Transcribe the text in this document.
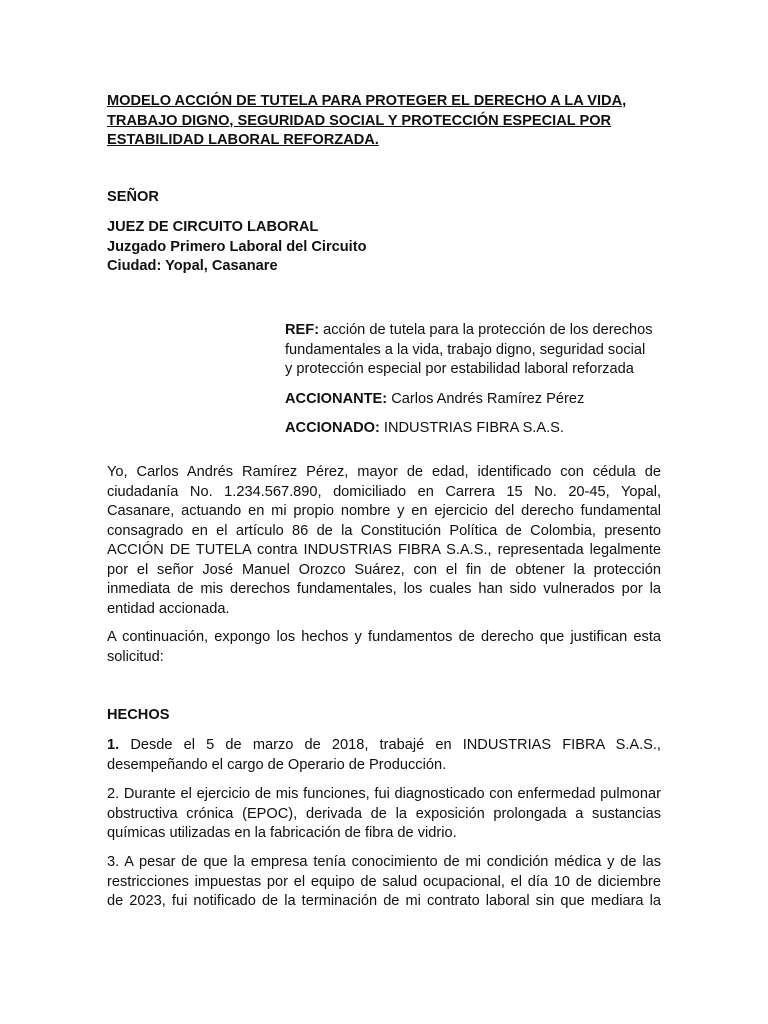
MODELO ACCIÓN DE TUTELA PARA PROTEGER EL DERECHO A LA VIDA,
TRABAJO DIGNO, SEGURIDAD SOCIAL Y PROTECCIÓN ESPECIAL POR
ESTABILIDAD LABORAL REFORZADA.
SEÑOR
JUEZ DE CIRCUITO LABORAL
Juzgado Primero Laboral del Circuito
Ciudad: Yopal, Casanare
REF: acción de tutela para la protección de los derechos
fundamentales a la vida, trabajo digno, seguridad social
y protección especial por estabilidad laboral reforzada
ACCIONANTE: Carlos Andrés Ramírez Pérez
ACCIONADO: INDUSTRIAS FIBRA S.A.S.
Yo, Carlos Andrés Ramírez Pérez, mayor de edad, identificado con cédula de
ciudadanía No. 1.234.567.890, domiciliado en Carrera 15 No. 20-45, Yopal,
Casanare, actuando en mi propio nombre y en ejercicio del derecho fundamental
consagrado en el artículo 86 de la Constitución Política de Colombia, presento
ACCIÓN DE TUTELA contra INDUSTRIAS FIBRA S.A.S., representada legalmente
por el señor José Manuel Orozco Suárez, con el fin de obtener la protección
inmediata de mis derechos fundamentales, los cuales han sido vulnerados por la
entidad accionada.
A continuación, expongo los hechos y fundamentos de derecho que justifican esta
solicitud:
HECHOS
1. Desde el 5 de marzo de 2018, trabajé en INDUSTRIAS FIBRA S.A.S.,
desempeñando el cargo de Operario de Producción.
2. Durante el ejercicio de mis funciones, fui diagnosticado con enfermedad pulmonar
obstructiva crónica (EPOC), derivada de la exposición prolongada a sustancias
químicas utilizadas en la fabricación de fibra de vidrio.
3. A pesar de que la empresa tenía conocimiento de mi condición médica y de las
restricciones impuestas por el equipo de salud ocupacional, el día 10 de diciembre
de 2023, fui notificado de la terminación de mi contrato laboral sin que mediara la
